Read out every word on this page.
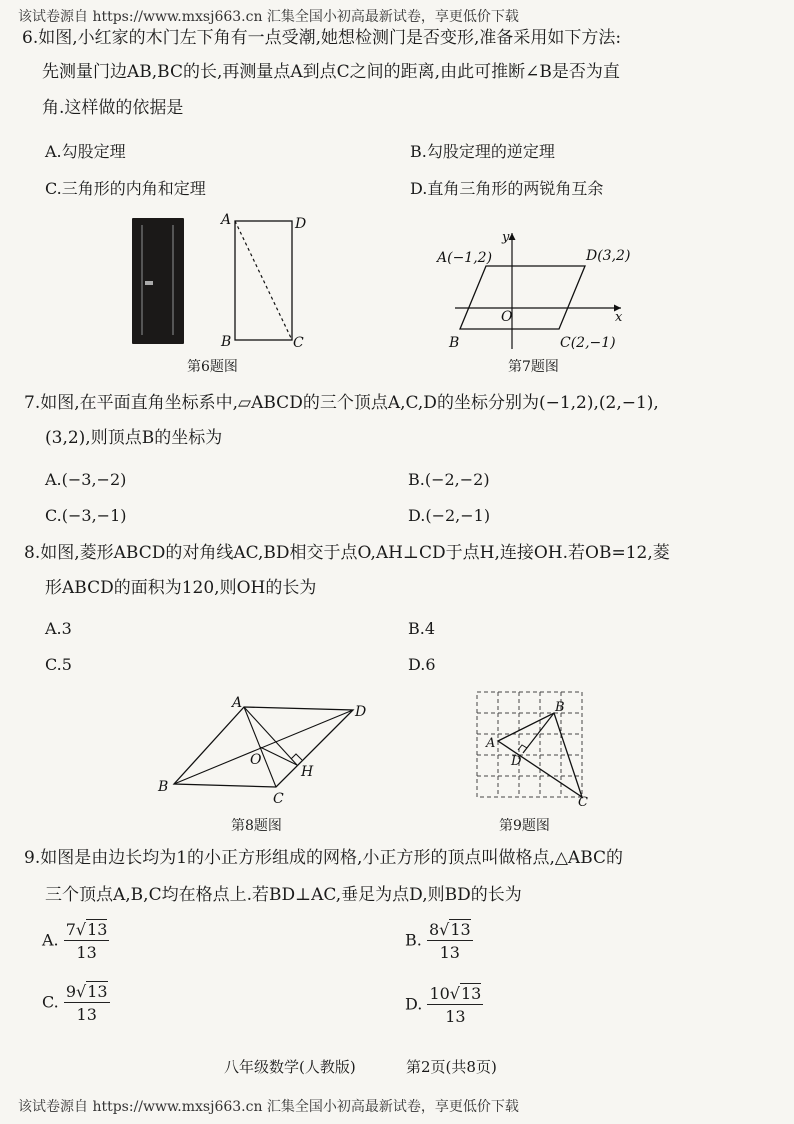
该试卷源自 https://www.mxsj663.cn 汇集全国小初高最新试卷，享更低价下载
6.如图,小红家的木门左下角有一点受潮,她想检测门是否变形,准备采用如下方法:
先测量门边AB,BC的长,再测量点A到点C之间的距离,由此可推断∠B是否为直
角.这样做的依据是
A.勾股定理	B.勾股定理的逆定理
C.三角形的内角和定理	D.直角三角形的两锐角互余
A	D
B	C
第6题图
A(−1,2)	D(3,2)
C(2,−1)
B
O	x
y
第7题图
7.如图,在平面直角坐标系中,▱ABCD的三个顶点A,C,D的坐标分别为(−1,2),(2,−1),
(3,2),则顶点B的坐标为
A.(−3,−2)	B.(−2,−2)
C.(−3,−1)	D.(−2,−1)
8.如图,菱形ABCD的对角线AC,BD相交于点O,AH⊥CD于点H,连接OH.若OB=12,菱
形ABCD的面积为120,则OH的长为
A.3	B.4
C.5	D.6
A
D
B
C
O
H
第8题图
A
B
D
C
第9题图
9.如图是由边长均为1的小正方形组成的网格,小正方形的顶点叫做格点,△ABC的
三个顶点A,B,C均在格点上.若BD⊥AC,垂足为点D,则BD的长为
A. $\frac{7√13}{13}$	B. $\frac{8√13}{13}$
C. $\frac{9√13}{13}$	D. $\frac{10√13}{13}$
八年级数学(人教版)	第2页(共8页)
该试卷源自 https://www.mxsj663.cn 汇集全国小初高最新试卷，享更低价下载
